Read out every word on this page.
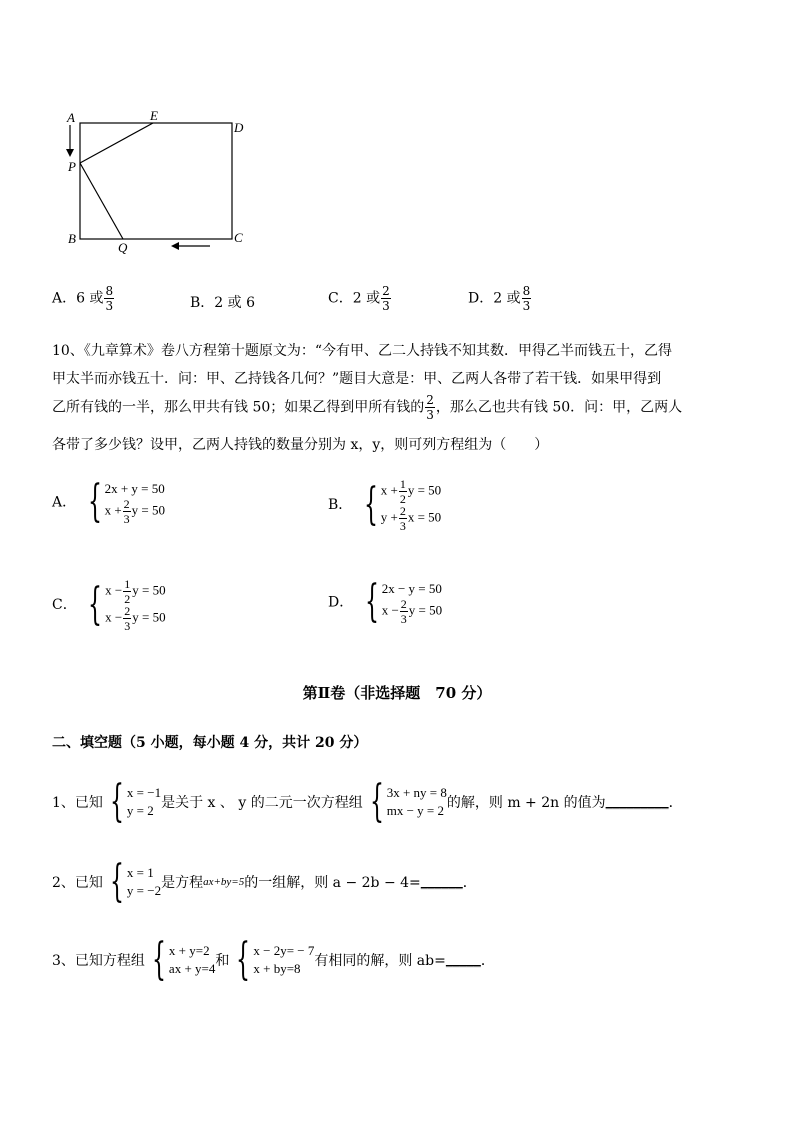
A	E
D
P
B
Q
C
A．6 或 $\frac{8}{3}$	B．2 或 6	C．2 或 $\frac{2}{3}$	D．2 或 $\frac{8}{3}$
10、《九章算术》卷八方程第十题原文为：“今有甲、乙二人持钱不知其数．甲得乙半而钱五十，乙得
甲太半而亦钱五十．问：甲、乙持钱各几何？”题目大意是：甲、乙两人各带了若干钱．如果甲得到
乙所有钱的一半，那么甲共有钱 50；如果乙得到甲所有钱的 $\frac{2}{3}$ ，那么乙也共有钱 50．问：甲，乙两人
各带了多少钱？设甲，乙两人持钱的数量分别为 x，y，则可列方程组为（　　）
A． { 2x + y = 50
$x + \frac{2}{3}$ y = 50	B． { $x + \frac{1}{2}$ y = 50
$y + \frac{2}{3}$ x = 50
C． { $x - \frac{1}{2}$ y = 50
$x - \frac{2}{3}$ y = 50
D． { 2x − y = 50
$x - \frac{2}{3}$ y = 50
第Ⅱ卷（非选择题　70 分）
二、填空题（5 小题，每小题 4 分，共计 20 分）
1、已知 { x = −1
y = 2 是关于 x 、 y 的二元一次方程组 { 3x + ny = 8
mx − y = 2 的解，则 m + 2n 的值为 _________ ．
2、已知 { x = 1
y = −2 是方程 ax+by=5 的一组解，则 a − 2b − 4= ______ ．
3、已知方程组 { x + y=2
ax + y=4 和 { x − 2y= − 7
x + by=8 有相同的解，则 ab= _____ ．
